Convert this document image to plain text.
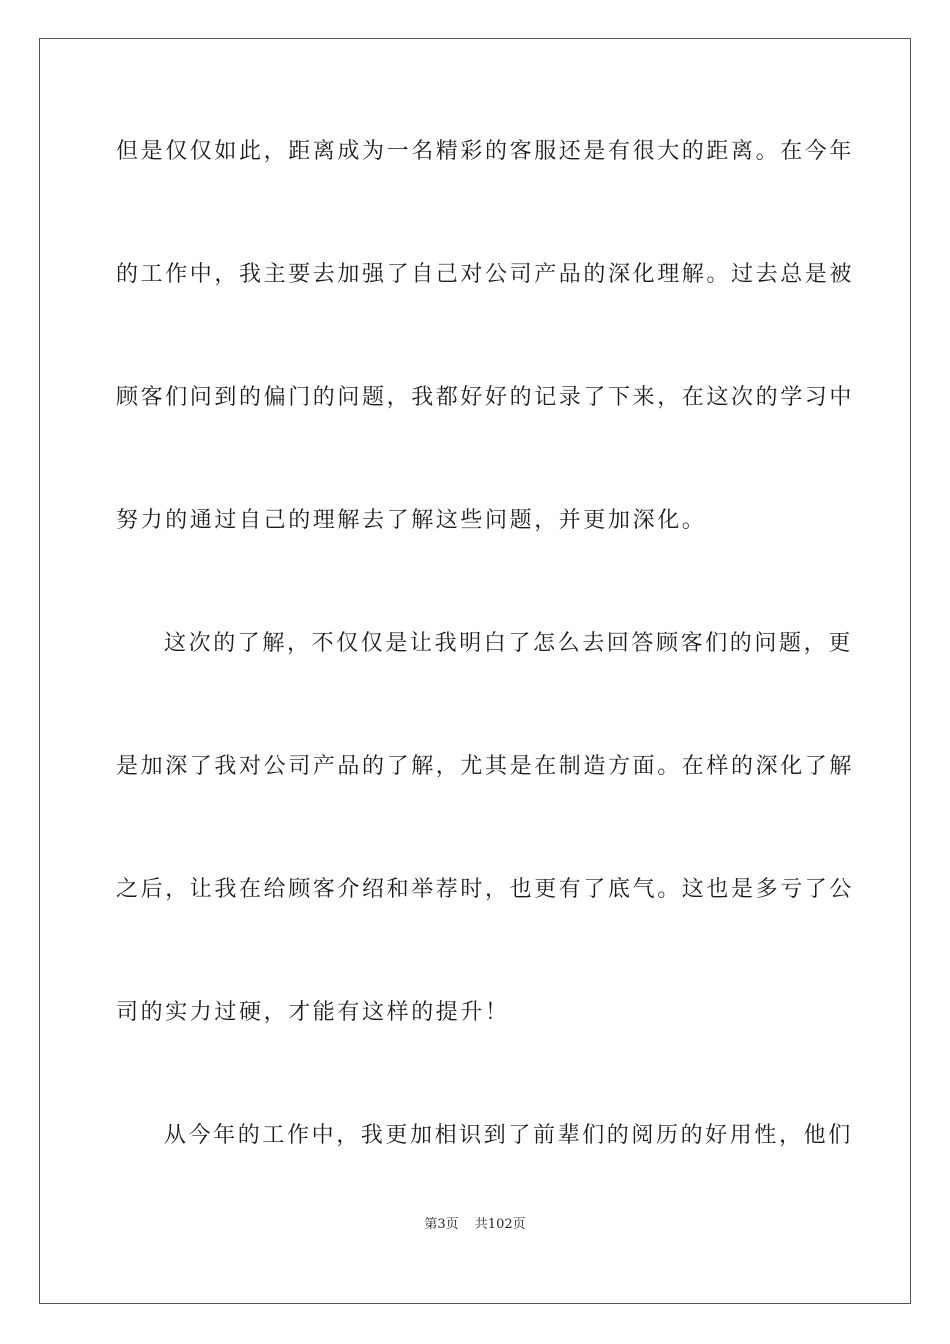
但是仅仅如此，距离成为一名精彩的客服还是有很大的距离。在今年
的工作中，我主要去加强了自己对公司产品的深化理解。过去总是被
顾客们问到的偏门的问题，我都好好的记录了下来，在这次的学习中
努力的通过自己的理解去了解这些问题，并更加深化。
这次的了解，不仅仅是让我明白了怎么去回答顾客们的问题，更
是加深了我对公司产品的了解，尤其是在制造方面。在样的深化了解
之后，让我在给顾客介绍和举荐时，也更有了底气。这也是多亏了公
司的实力过硬，才能有这样的提升！
从今年的工作中，我更加相识到了前辈们的阅历的好用性，他们
第3页 共102页
